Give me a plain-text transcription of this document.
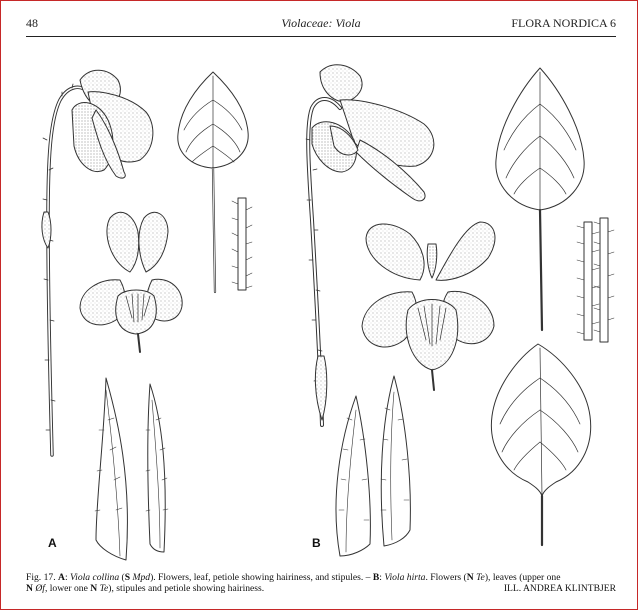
48	Violaceae: Viola	FLORA NORDICA 6
A	B
Fig. 17. A: Viola collina (S Mpd). Flowers, leaf, petiole showing hairiness, and stipules. – B: Viola hirta. Flowers (N Te), leaves (upper one
N Øf, lower one N Te), stipules and petiole showing hairiness.	ILL. ANDREA KLINTBJER
